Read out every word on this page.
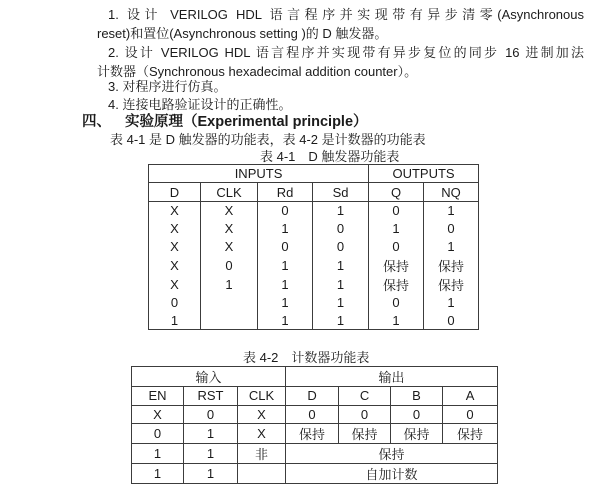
1. 设计 VERILOG HDL 语言程序并实现带有异步清零(Asynchronous
reset)和置位(Asynchronous setting )的 D 触发器。
2. 设计 VERILOG HDL 语言程序并实现带有异步复位的同步 16 进制加法
计数器（Synchronous hexadecimal addition counter）。
3. 对程序进行仿真。
4. 连接电路验证设计的正确性。
四、 实验原理（Experimental principle）
表 4-1 是 D 触发器的功能表，表 4-2 是计数器的功能表
表 4-1　D 触发器功能表
INPUTS				OUTPUTS	
D	CLK	Rd	Sd	Q	NQ
X	X	0	1	0	1
X	X	1	0	1	0
X	X	0	0	0	1
X	0	1	1	保持	保持
X	1	1	1	保持	保持
0		1	1	0	1
1		1	1	1	0
表 4-2　计数器功能表
输入			输出			
EN	RST	CLK	D	C	B	A
X	0	X	0	0	0	0
0	1	X	保持	保持	保持	保持
1	1	非	保持			
1	1		自加计数			
